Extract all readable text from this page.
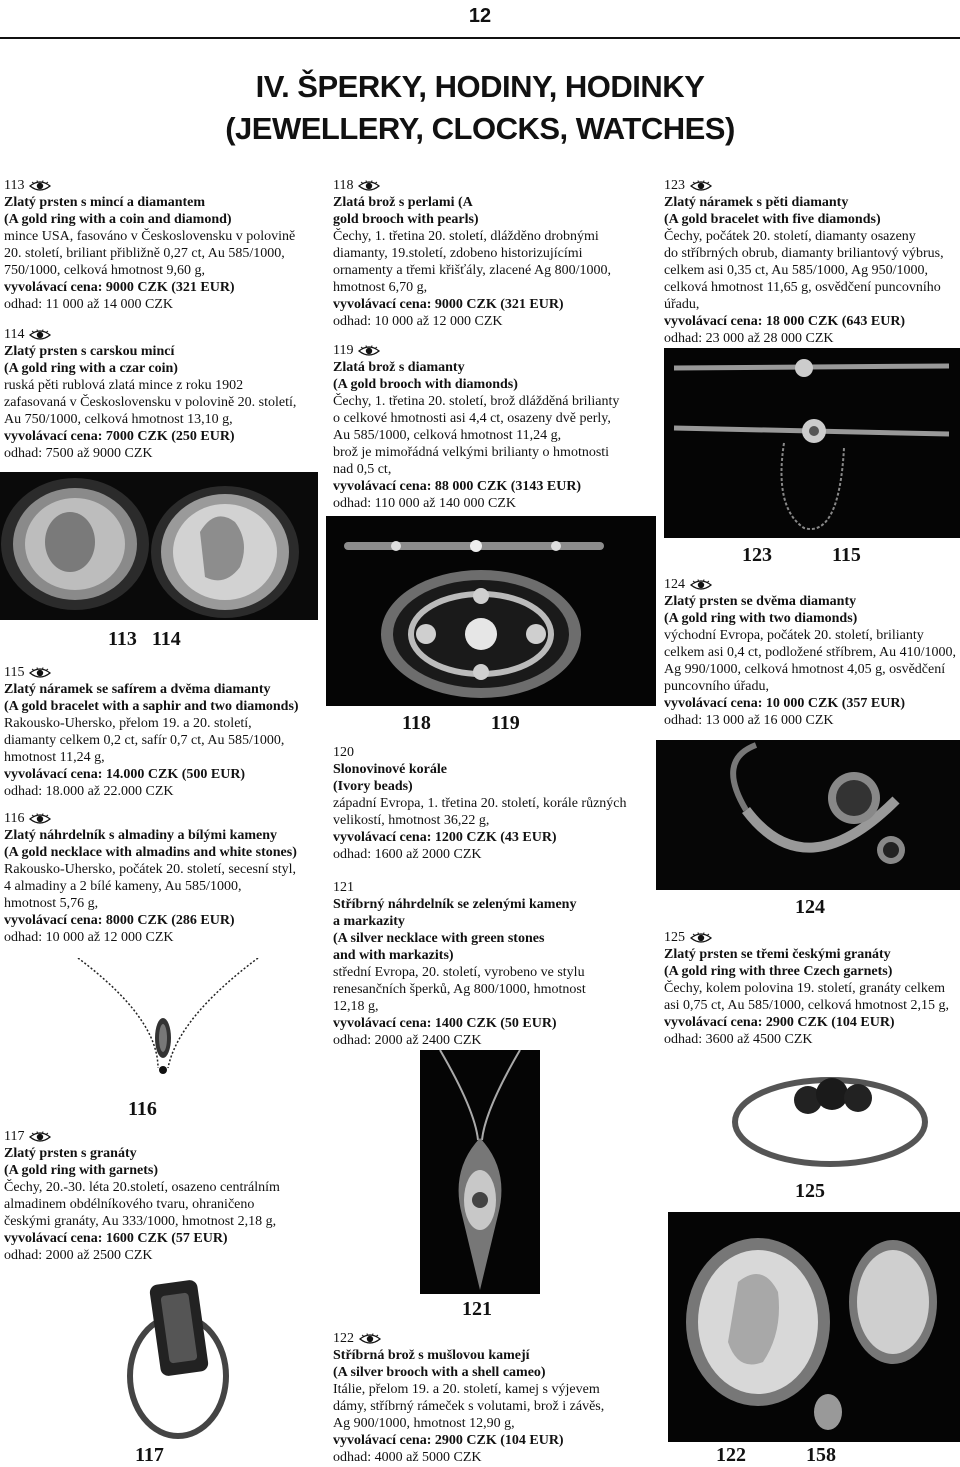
12
IV. ŠPERKY, HODINY, HODINKY
(JEWELLERY, CLOCKS, WATCHES)
113
Zlatý prsten s mincí a diamantem
(A gold ring with a coin and diamond)
mince USA, fasováno v Československu v polovině
20. století, briliant přibližně 0,27 ct, Au 585/1000,
750/1000, celková hmotnost 9,60 g,
vyvolávací cena: 9000 CZK (321 EUR)
odhad: 11 000 až 14 000 CZK
114
Zlatý prsten s carskou mincí
(A gold ring with a czar coin)
ruská pěti rublová zlatá mince z roku 1902
zafasovaná v Československu v polovině 20. století,
Au 750/1000, celková hmotnost 13,10 g,
vyvolávací cena: 7000 CZK (250 EUR)
odhad: 7500 až 9000 CZK
113   114
115
Zlatý náramek se safírem a dvěma diamanty
(A gold bracelet with a saphir and two diamonds)
Rakousko-Uhersko, přelom 19. a 20. století,
diamanty celkem 0,2 ct, safír 0,7 ct, Au 585/1000,
hmotnost 11,24 g,
vyvolávací cena: 14.000 CZK (500 EUR)
odhad: 18.000 až 22.000 CZK
116
Zlatý náhrdelník s almadiny a bílými kameny
(A gold necklace with almadins and white stones)
Rakousko-Uhersko, počátek 20. století, secesní styl,
4 almadiny a 2 bílé kameny, Au 585/1000,
hmotnost 5,76 g,
vyvolávací cena: 8000 CZK (286 EUR)
odhad: 10 000 až 12 000 CZK
116
117
Zlatý prsten s granáty
(A gold ring with garnets)
Čechy, 20.-30. léta 20.století, osazeno centrálním
almadinem obdélníkového tvaru, ohraničeno
českými granáty, Au 333/1000, hmotnost 2,18 g,
vyvolávací cena: 1600 CZK (57 EUR)
odhad: 2000 až 2500 CZK
117
118
Zlatá brož s perlami (A
gold brooch with pearls)
Čechy, 1. třetina 20. století, dlážděno drobnými
diamanty, 19.století, zdobeno historizujícími
ornamenty a třemi křišťály, zlacené Ag 800/1000,
hmotnost 6,70 g,
vyvolávací cena: 9000 CZK (321 EUR)
odhad: 10 000 až 12 000 CZK
119
Zlatá brož s diamanty
(A gold brooch with diamonds)
Čechy, 1. třetina 20. století, brož dlážděná brilianty
o celkové hmotnosti asi 4,4 ct, osazeny dvě perly,
Au 585/1000, celková hmotnost 11,24 g,
brož je mimořádná velkými brilianty o hmotnosti
nad 0,5 ct,
vyvolávací cena: 88 000 CZK (3143 EUR)
odhad: 110 000 až 140 000 CZK
118            119
120
Slonovinové korále
(Ivory beads)
západní Evropa, 1. třetina 20. století, korále různých
velikostí, hmotnost 36,22 g,
vyvolávací cena: 1200 CZK (43 EUR)
odhad: 1600 až 2000 CZK
121
Stříbrný náhrdelník se zelenými kameny
a markazity
(A silver necklace with green stones
and with markazits)
střední Evropa, 20. století, vyrobeno ve stylu
renesančních šperků, Ag 800/1000, hmotnost
12,18 g,
vyvolávací cena: 1400 CZK (50 EUR)
odhad: 2000 až 2400 CZK
121
122
Stříbrná brož s mušlovou kamejí
(A silver brooch with a shell cameo)
Itálie, přelom 19. a 20. století, kamej s výjevem
dámy, stříbrný rámeček s volutami, brož i závěs,
Ag 900/1000, hmotnost 12,90 g,
vyvolávací cena: 2900 CZK (104 EUR)
odhad: 4000 až 5000 CZK
123
Zlatý náramek s pěti diamanty
(A gold bracelet with five diamonds)
Čechy, počátek 20. století, diamanty osazeny
do stříbrných obrub, diamanty briliantový výbrus,
celkem asi 0,35 ct, Au 585/1000, Ag 950/1000,
celková hmotnost 11,65 g, osvědčení puncovního
úřadu,
vyvolávací cena: 18 000 CZK (643 EUR)
odhad: 23 000 až 28 000 CZK
123            115
124
Zlatý prsten se dvěma diamanty
(A gold ring with two diamonds)
východní Evropa, počátek 20. století, brilianty
celkem asi 0,4 ct, podložené stříbrem, Au 410/1000,
Ag 990/1000, celková hmotnost 4,05 g, osvědčení
puncovního úřadu,
vyvolávací cena: 10 000 CZK (357 EUR)
odhad: 13 000 až 16 000 CZK
124
125
Zlatý prsten se třemi českými granáty
(A gold ring with three Czech garnets)
Čechy, kolem polovina 19. století, granáty celkem
asi 0,75 ct, Au 585/1000, celková hmotnost 2,15 g,
vyvolávací cena: 2900 CZK (104 EUR)
odhad: 3600 až 4500 CZK
125
122            158
